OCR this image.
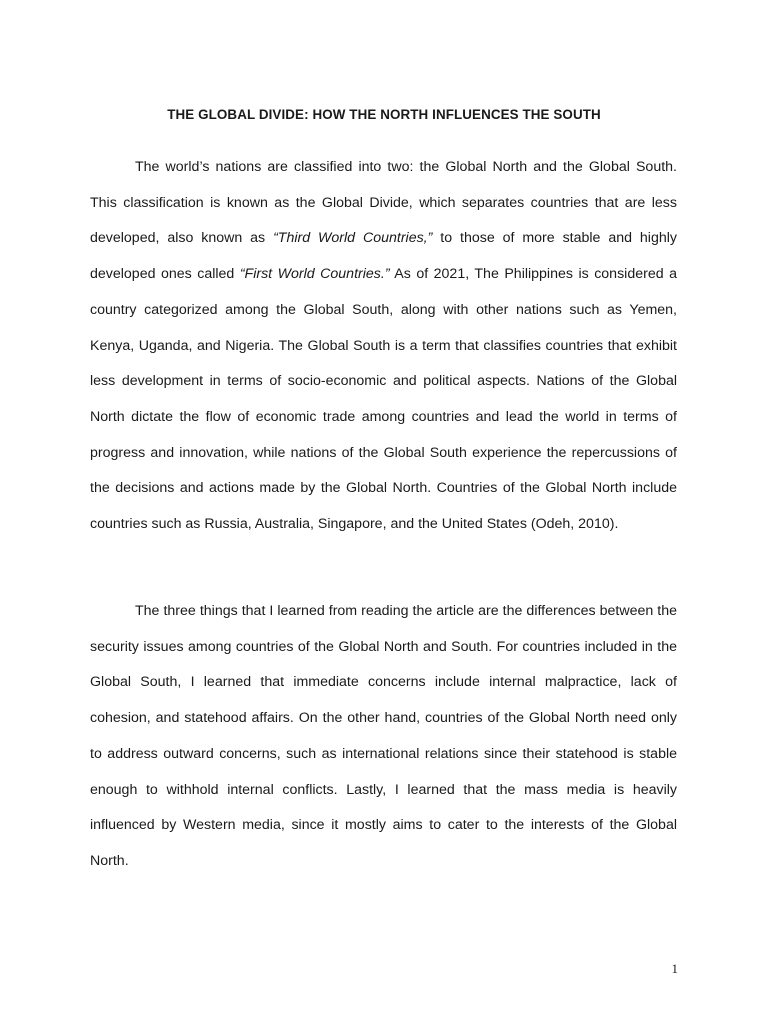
THE GLOBAL DIVIDE: HOW THE NORTH INFLUENCES THE SOUTH

The world’s nations are classified into two: the Global North and the Global South. This classification is known as the Global Divide, which separates countries that are less developed, also known as “Third World Countries,” to those of more stable and highly developed ones called “First World Countries.” As of 2021, The Philippines is considered a country categorized among the Global South, along with other nations such as Yemen, Kenya, Uganda, and Nigeria. The Global South is a term that classifies countries that exhibit less development in terms of socio-economic and political aspects. Nations of the Global North dictate the flow of economic trade among countries and lead the world in terms of progress and innovation, while nations of the Global South experience the repercussions of the decisions and actions made by the Global North. Countries of the Global North include countries such as Russia, Australia, Singapore, and the United States (Odeh, 2010).

The three things that I learned from reading the article are the differences between the security issues among countries of the Global North and South. For countries included in the Global South, I learned that immediate concerns include internal malpractice, lack of cohesion, and statehood affairs. On the other hand, countries of the Global North need only to address outward concerns, such as international relations since their statehood is stable enough to withhold internal conflicts. Lastly, I learned that the mass media is heavily influenced by Western media, since it mostly aims to cater to the interests of the Global North.

1
